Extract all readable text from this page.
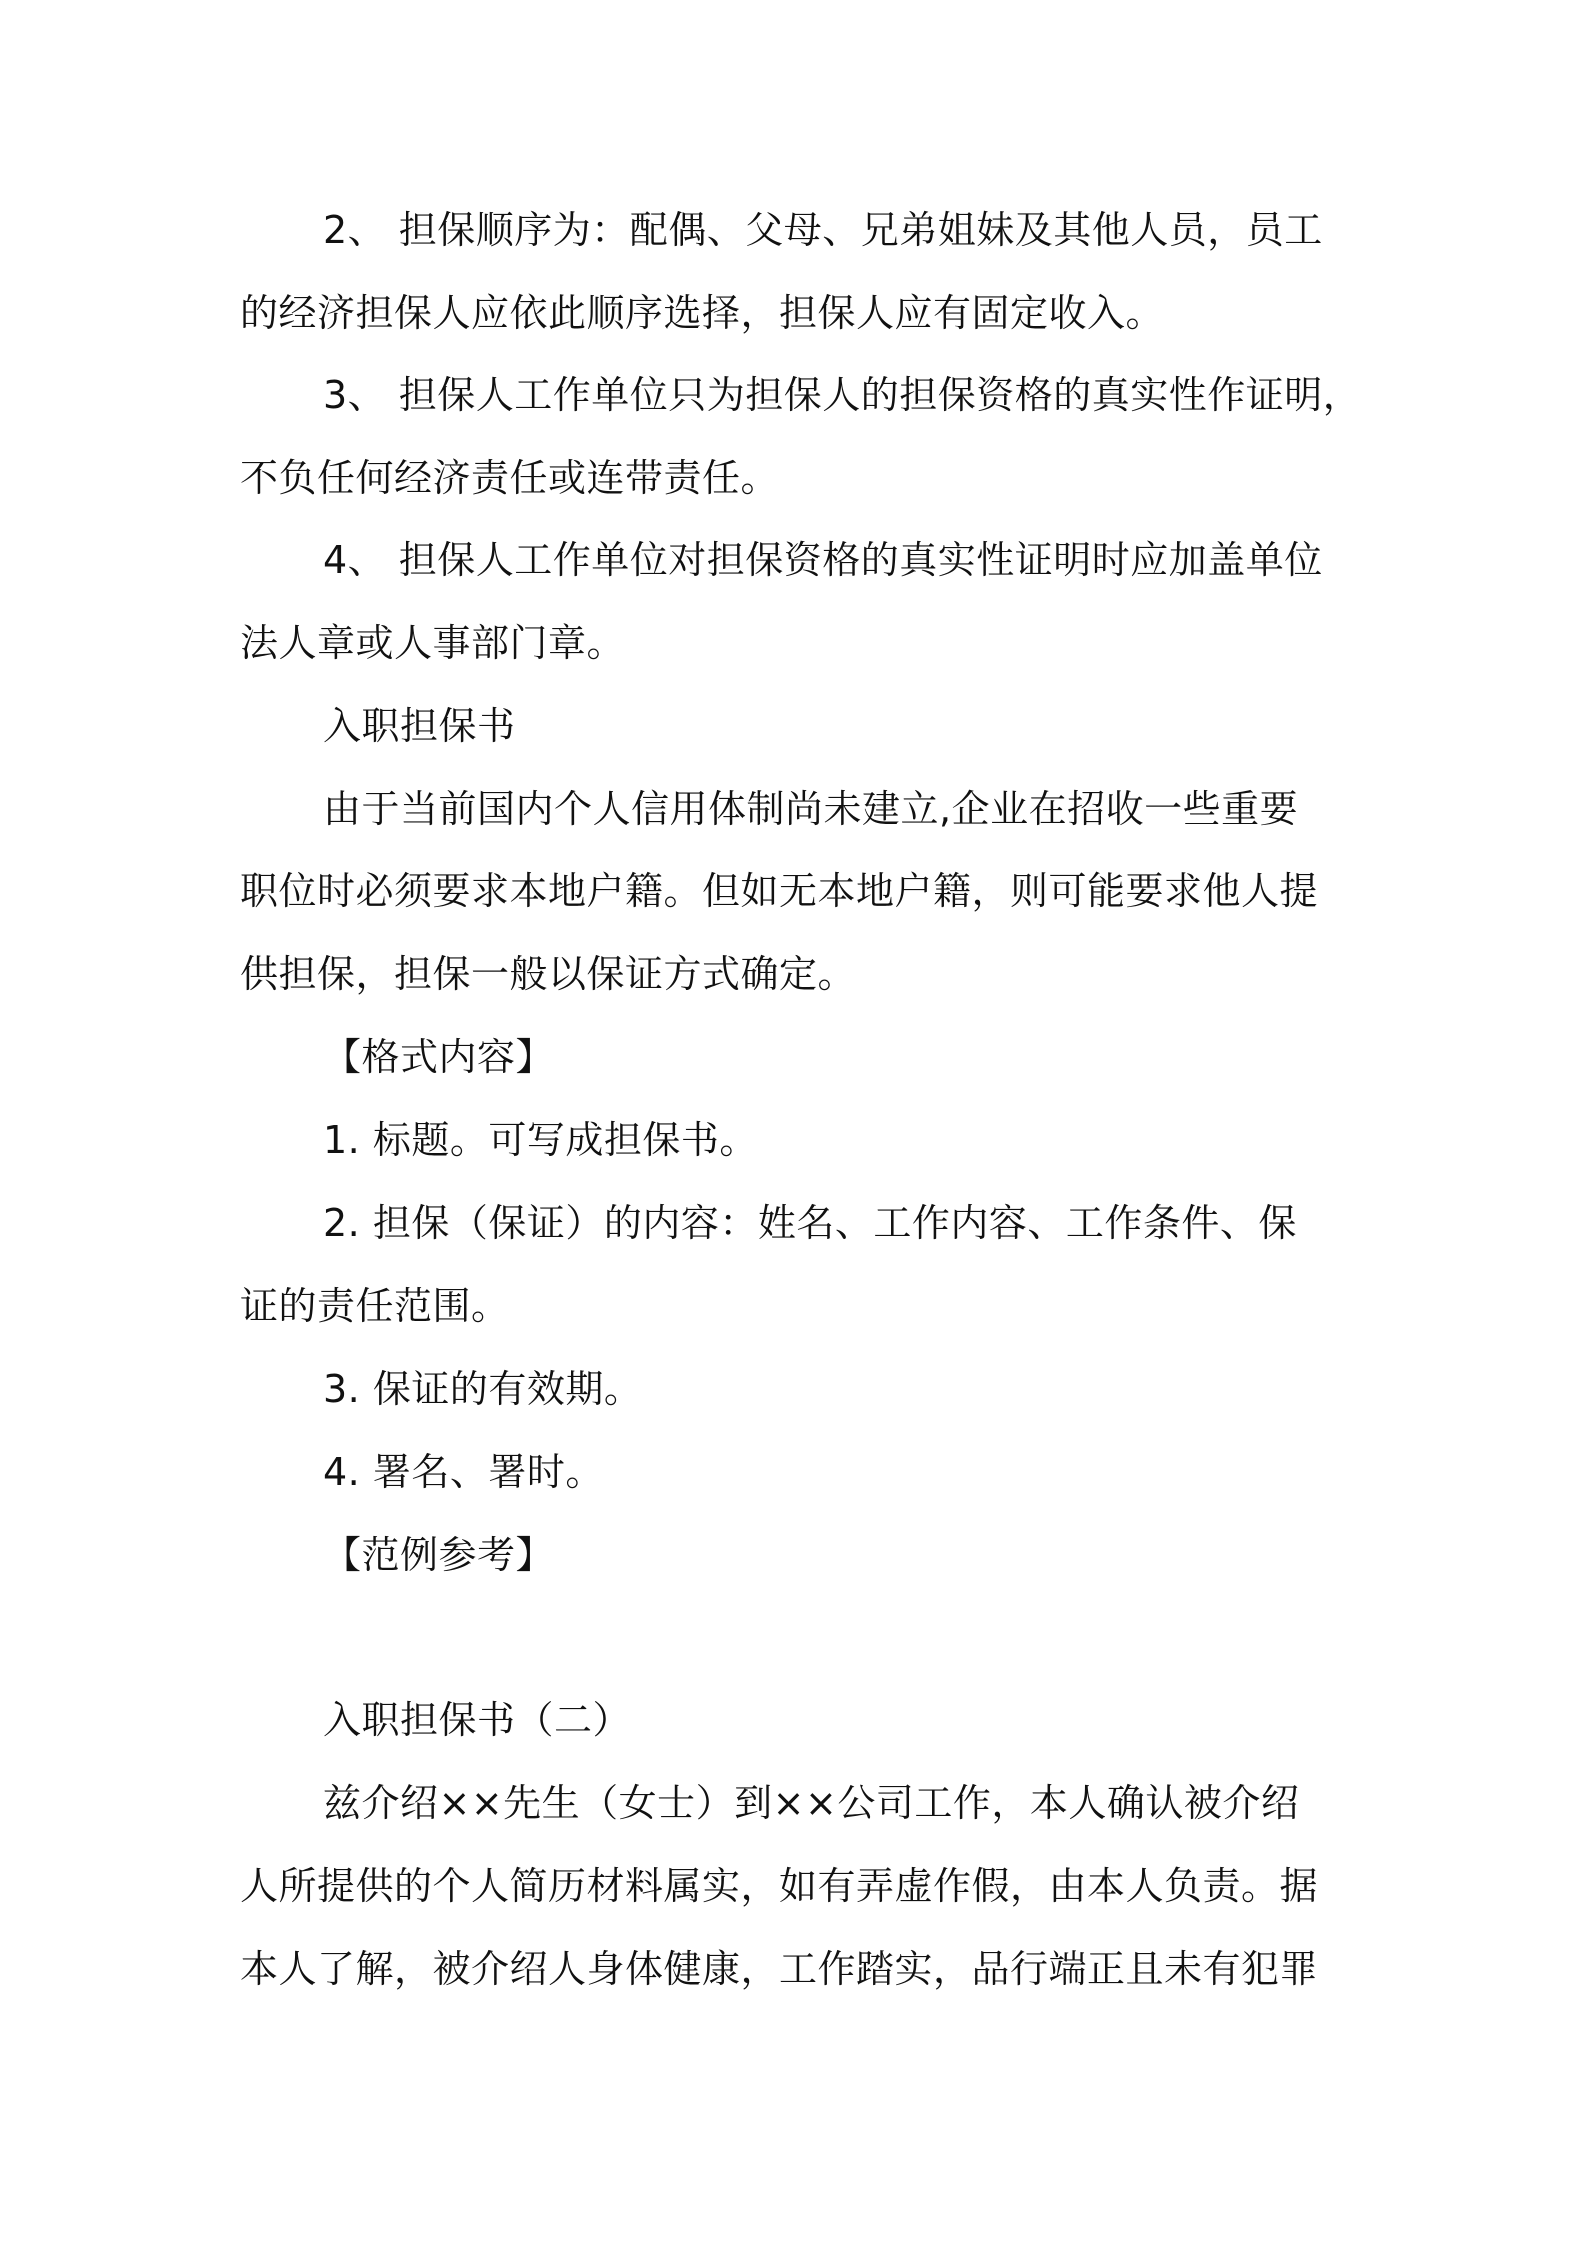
2、 担保顺序为：配偶、父母、兄弟姐妹及其他人员，员工
的经济担保人应依此顺序选择，担保人应有固定收入。
3、 担保人工作单位只为担保人的担保资格的真实性作证明，
不负任何经济责任或连带责任。
4、 担保人工作单位对担保资格的真实性证明时应加盖单位
法人章或人事部门章。
入职担保书
由于当前国内个人信用体制尚未建立,企业在招收一些重要
职位时必须要求本地户籍。但如无本地户籍，则可能要求他人提
供担保，担保一般以保证方式确定。
【格式内容】
1. 标题。可写成担保书。
2. 担保（保证）的内容：姓名、工作内容、工作条件、保
证的责任范围。
3. 保证的有效期。
4. 署名、署时。
【范例参考】
入职担保书（二）
兹介绍××先生（女士）到××公司工作，本人确认被介绍
人所提供的个人简历材料属实，如有弄虚作假，由本人负责。据
本人了解，被介绍人身体健康，工作踏实，品行端正且未有犯罪
